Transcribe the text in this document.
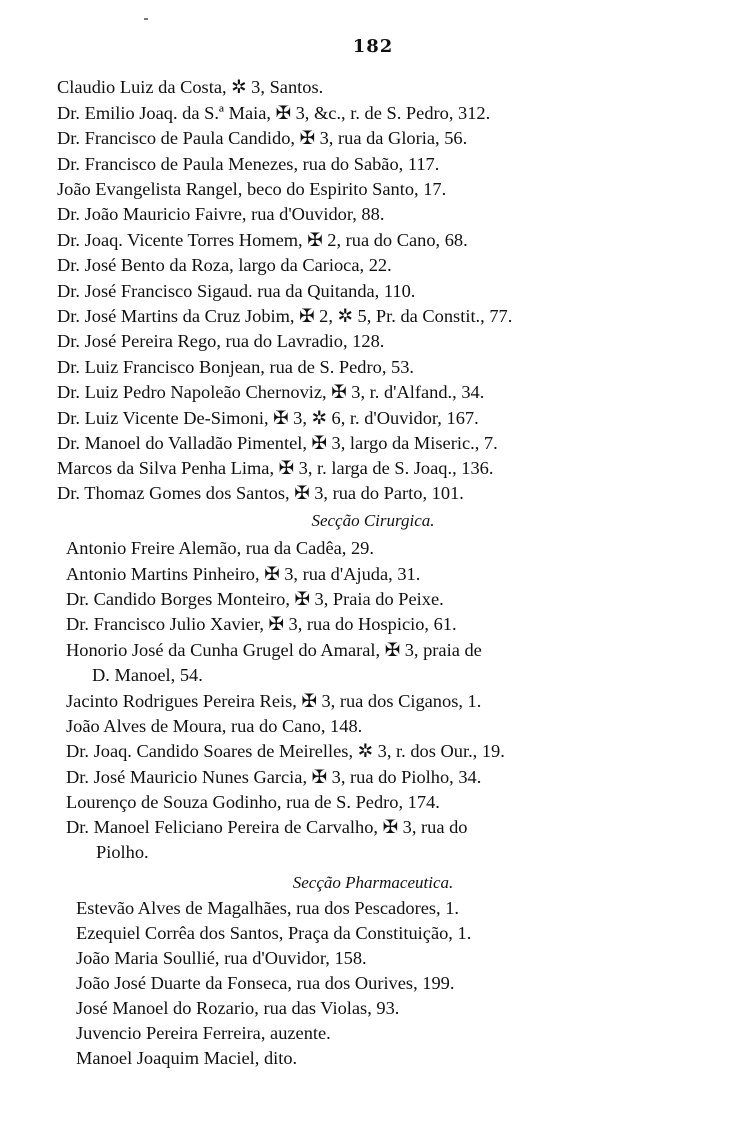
182
Claudio Luiz da Costa, ✲ 3, Santos.
Dr. Emilio Joaq. da S.ª Maia, ✠ 3, &c., r. de S. Pedro, 312.
Dr. Francisco de Paula Candido, ✠ 3, rua da Gloria, 56.
Dr. Francisco de Paula Menezes, rua do Sabão, 117.
João Evangelista Rangel, beco do Espirito Santo, 17.
Dr. João Mauricio Faivre, rua d'Ouvidor, 88.
Dr. Joaq. Vicente Torres Homem, ✠ 2, rua do Cano, 68.
Dr. José Bento da Roza, largo da Carioca, 22.
Dr. José Francisco Sigaud. rua da Quitanda, 110.
Dr. José Martins da Cruz Jobim, ✠ 2, ✲ 5, Pr. da Constit., 77.
Dr. José Pereira Rego, rua do Lavradio, 128.
Dr. Luiz Francisco Bonjean, rua de S. Pedro, 53.
Dr. Luiz Pedro Napoleão Chernoviz, ✠ 3, r. d'Alfand., 34.
Dr. Luiz Vicente De-Simoni, ✠ 3, ✲ 6, r. d'Ouvidor, 167.
Dr. Manoel do Valladão Pimentel, ✠ 3, largo da Miseric., 7.
Marcos da Silva Penha Lima, ✠ 3, r. larga de S. Joaq., 136.
Dr. Thomaz Gomes dos Santos, ✠ 3, rua do Parto, 101.
Secção Cirurgica.
Antonio Freire Alemão, rua da Cadêa, 29.
Antonio Martins Pinheiro, ✠ 3, rua d'Ajuda, 31.
Dr. Candido Borges Monteiro, ✠ 3, Praia do Peixe.
Dr. Francisco Julio Xavier, ✠ 3, rua do Hospicio, 61.
Honorio José da Cunha Grugel do Amaral, ✠ 3, praia de
D. Manoel, 54.
Jacinto Rodrigues Pereira Reis, ✠ 3, rua dos Ciganos, 1.
João Alves de Moura, rua do Cano, 148.
Dr. Joaq. Candido Soares de Meirelles, ✲ 3, r. dos Our., 19.
Dr. José Mauricio Nunes Garcia, ✠ 3, rua do Piolho, 34.
Lourenço de Souza Godinho, rua de S. Pedro, 174.
Dr. Manoel Feliciano Pereira de Carvalho, ✠ 3, rua do
Piolho.
Secção Pharmaceutica.
Estevão Alves de Magalhães, rua dos Pescadores, 1.
Ezequiel Corrêa dos Santos, Praça da Constituição, 1.
João Maria Soullié, rua d'Ouvidor, 158.
João José Duarte da Fonseca, rua dos Ourives, 199.
José Manoel do Rozario, rua das Violas, 93.
Juvencio Pereira Ferreira, auzente.
Manoel Joaquim Maciel, dito.
